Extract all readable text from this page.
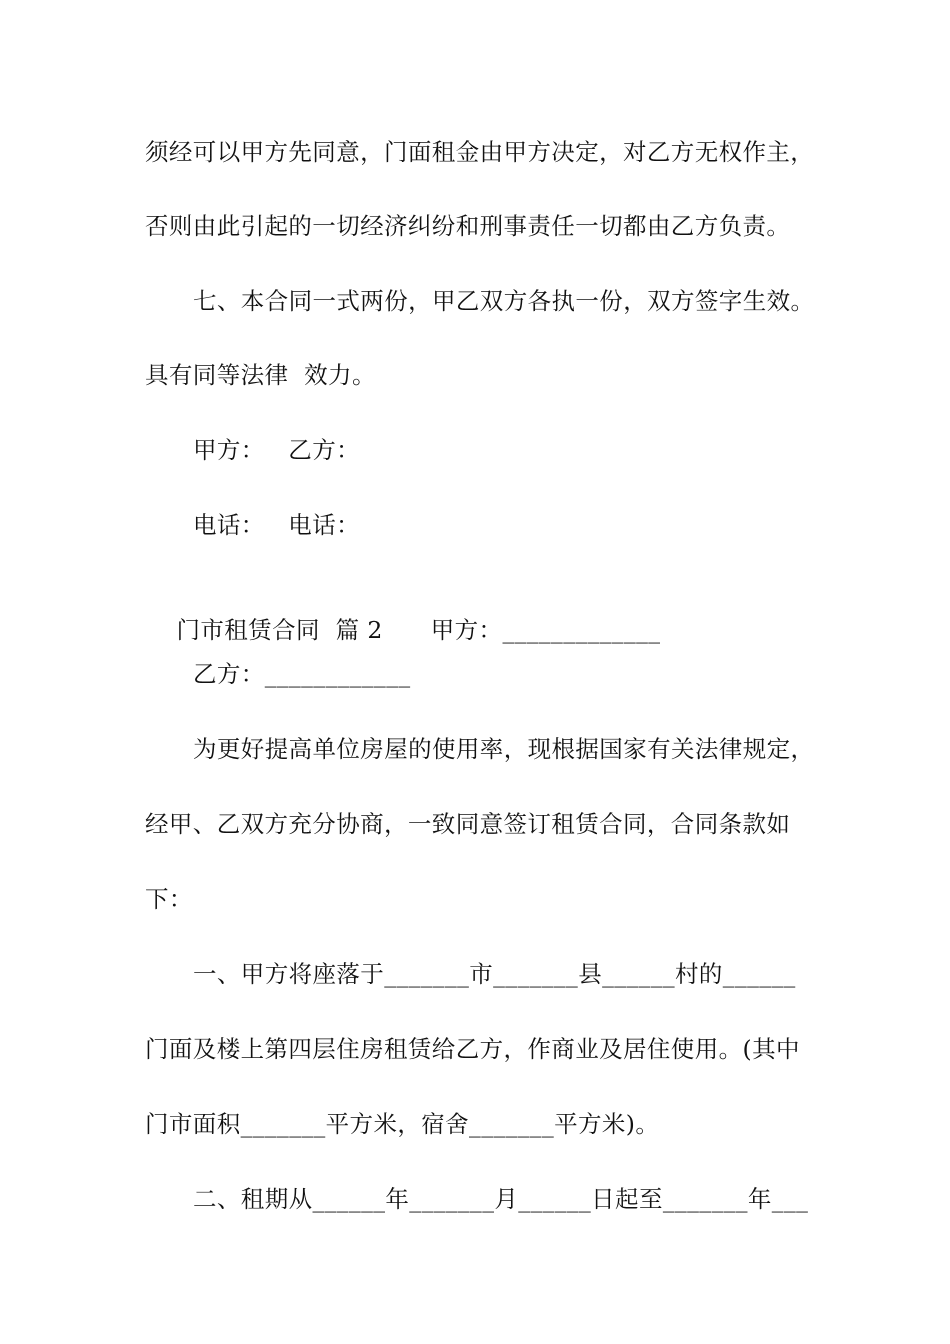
须经可以甲方先同意，门面租金由甲方决定，对乙方无权作主，
否则由此引起的一切经济纠纷和刑事责任一切都由乙方负责。
七、本合同一式两份，甲乙双方各执一份，双方签字生效。
具有同等法律  效力。
甲方：   乙方：
电话：   电话：

门市租赁合同  篇 2 甲方：_____________

乙方：____________
为更好提高单位房屋的使用率，现根据国家有关法律规定，
经甲、乙双方充分协商，一致同意签订租赁合同，合同条款如
下：
一、甲方将座落于_______市_______县______村的______
门面及楼上第四层住房租赁给乙方，作商业及居住使用。(其中
门市面积_______平方米，宿舍_______平方米)。
二、租期从______年_______月______日起至_______年___
